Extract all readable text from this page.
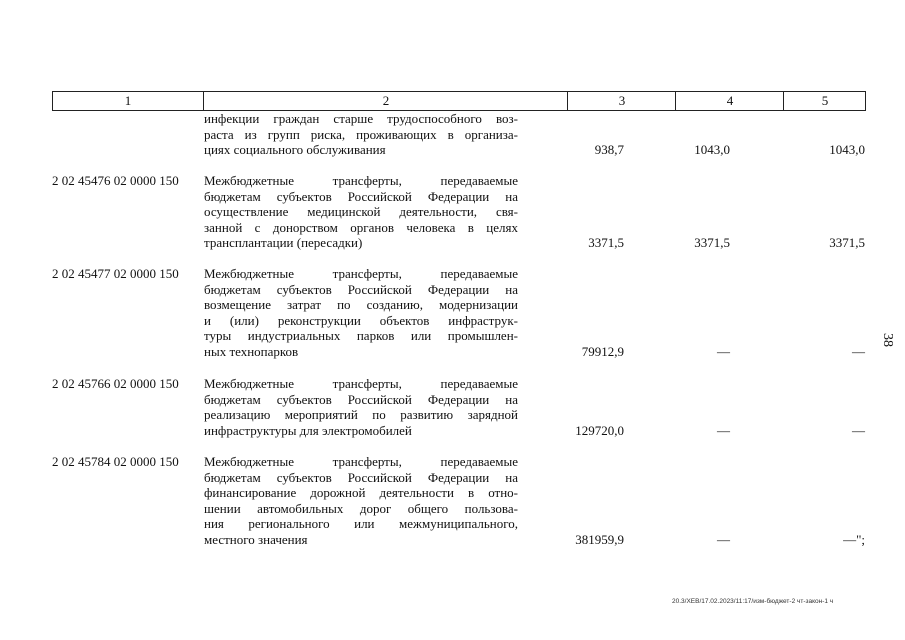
1	2	3	4	5
инфекции граждан старше трудоспособного воз-
раста из групп риска, проживающих в организа-
циях социального обслуживания	938,7	1043,0	1043,0
2 02 45476 02 0000 150 Межбюджетные трансферты, передаваемые
бюджетам субъектов Российской Федерации на
осуществление медицинской деятельности, свя-
занной с донорством органов человека в целях
трансплантации (пересадки)	3371,5	3371,5	3371,5
2 02 45477 02 0000 150 Межбюджетные трансферты, передаваемые
бюджетам субъектов Российской Федерации на
возмещение затрат по созданию, модернизации
и (или) реконструкции объектов инфраструк-
туры индустриальных парков или промышлен-
ных технопарков	79912,9	—	—
2 02 45766 02 0000 150 Межбюджетные трансферты, передаваемые
бюджетам субъектов Российской Федерации на
реализацию мероприятий по развитию зарядной
инфраструктуры для электромобилей	129720,0	—	—
2 02 45784 02 0000 150 Межбюджетные трансферты, передаваемые
бюджетам субъектов Российской Федерации на
финансирование дорожной деятельности в отно-
шении автомобильных дорог общего пользова-
ния регионального или межмуниципального,
местного значения	381959,9	—	—";
38
20.3/XEB/17.02.2023/11:17/изм-бюджет-2 чт-закон-1 ч
